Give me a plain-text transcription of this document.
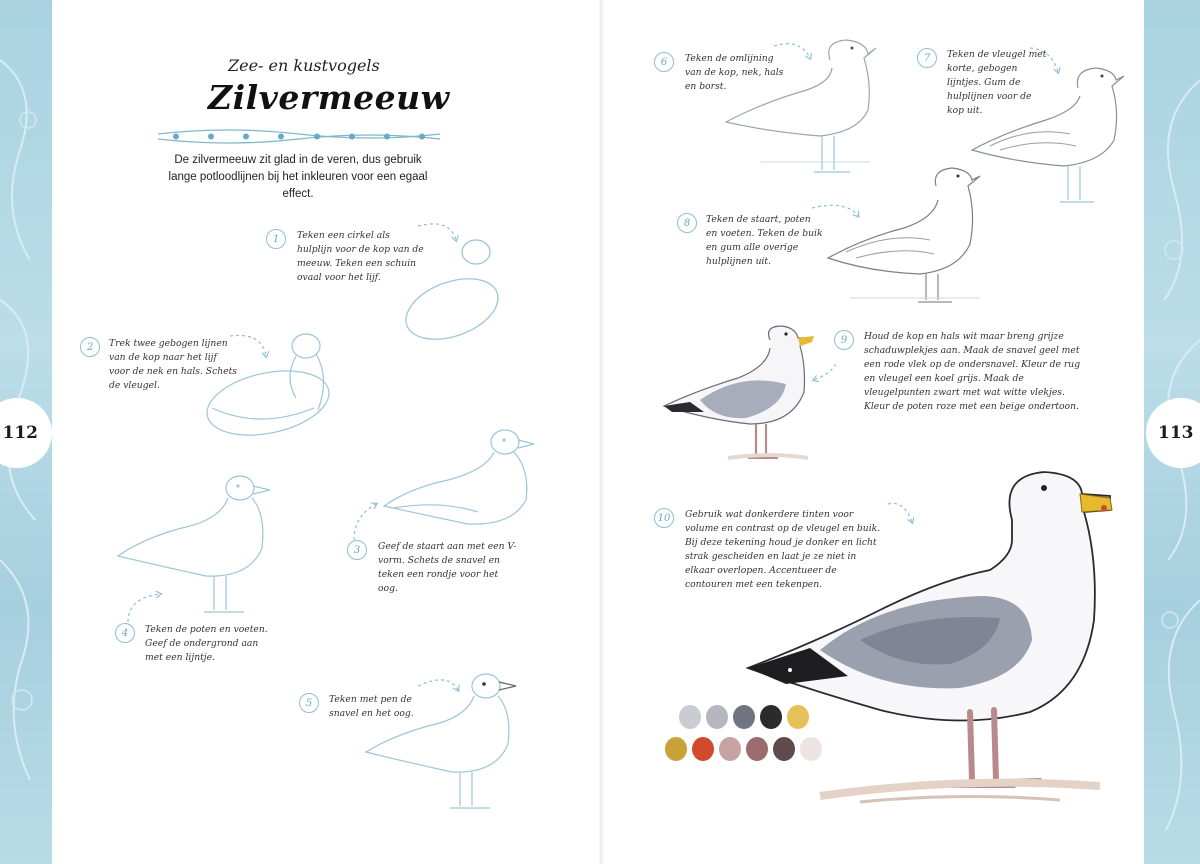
112	113
Zee- en kustvogels
Zilvermeeuw
De zilvermeeuw zit glad in de veren, dus gebruik lange potloodlijnen bij het inkleuren voor een egaal effect.
1	Teken een cirkel als hulplijn voor de kop van de meeuw. Teken een schuin ovaal voor het lijf.
2	Trek twee gebogen lijnen van de kop naar het lijf voor de nek en hals. Schets de vleugel.
3	Geef de staart aan met een V-vorm. Schets de snavel en teken een rondje voor het oog.
4	Teken de poten en voeten. Geef de ondergrond aan met een lijntje.
5	Teken met pen de snavel en het oog.
6	Teken de omlijning van de kop, nek, hals en borst.
7	Teken de vleugel met korte, gebogen lijntjes. Gum de hulplijnen voor de kop uit.
8	Teken de staart, poten en voeten. Teken de buik en gum alle overige hulplijnen uit.
9	Houd de kop en hals wit maar breng grijze schaduwplekjes aan. Maak de snavel geel met een rode vlek op de ondersnavel. Kleur de rug en vleugel een koel grijs. Maak de vleugelpunten zwart met wat witte vlekjes. Kleur de poten roze met een beige ondertoon.
10	Gebruik wat donkerdere tinten voor volume en contrast op de vleugel en buik. Bij deze tekening houd je donker en licht strak gescheiden en laat je ze niet in elkaar overlopen. Accentueer de contouren met een tekenpen.
